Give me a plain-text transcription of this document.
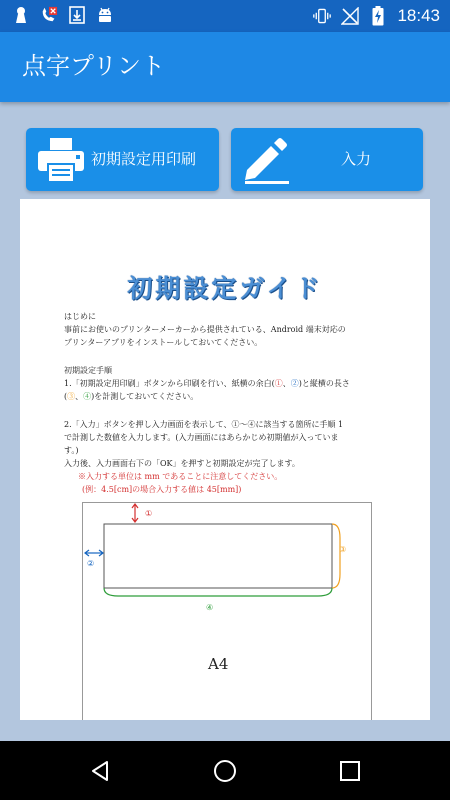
18:43
点字プリント
初期設定用印刷	入力
初期設定ガイド
はじめに
事前にお使いのプリンターメーカーから提供されている、Android 端末対応の
プリンターアプリをインストールしておいてください。
初期設定手順
1.「初期設定用印刷」ボタンから印刷を行い、紙横の余白(①、②)と縦横の長さ
(③、④)を計測しておいてください。
2.「入力」ボタンを押し入力画面を表示して、①〜④に該当する箇所に手順 1
で計測した数値を入力します。(入力画面にはあらかじめ初期値が入っていま
す。)
入力後、入力画面右下の「OK」を押すと初期設定が完了します。
※入力する単位は mm であることに注意してください。
(例：4.5[cm]の場合入力する値は 45[mm])
①
②
③
④
A4
